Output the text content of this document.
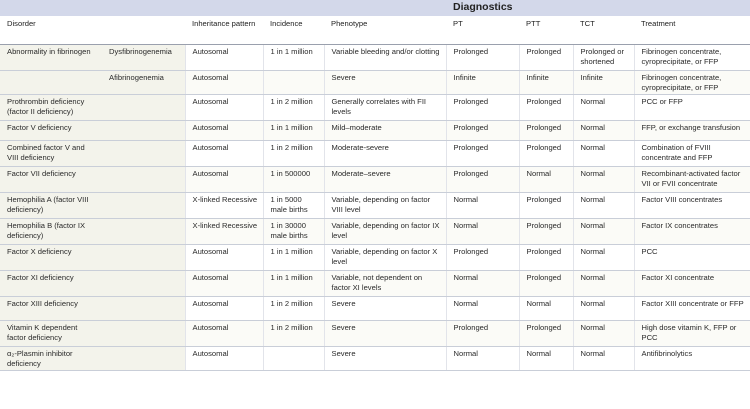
					Diagnostics			
Disorder		Inheritance pattern	Incidence	Phenotype	PT	PTT	TCT	Treatment
Abnormality in fibrinogen	Dysfibrinogenemia	Autosomal	1 in 1 million	Variable bleeding and/or clotting	Prolonged	Prolonged	Prolonged or shortened	Fibrinogen concentrate, cyroprecipitate, or FFP
	Afibrinogenemia	Autosomal		Severe	Infinite	Infinite	Infinite	Fibrinogen concentrate, cyroprecipitate, or FFP
Prothrombin deficiency (factor II deficiency)		Autosomal	1 in 2 million	Generally correlates with FII levels	Prolonged	Prolonged	Normal	PCC or FFP
Factor V deficiency		Autosomal	1 in 1 million	Mild–moderate	Prolonged	Prolonged	Normal	FFP, or exchange transfusion
Combined factor V and VIII deficiency		Autosomal	1 in 2 million	Moderate-severe	Prolonged	Prolonged	Normal	Combination of FVIII concentrate and FFP
Factor VII deficiency		Autosomal	1 in 500000	Moderate–severe	Prolonged	Normal	Normal	Recombinant-activated factor VII or FVII concentrate
Hemophilia A (factor VIII deficiency)		X-linked Recessive	1 in 5000 male births	Variable, depending on factor VIII level	Normal	Prolonged	Normal	Factor VIII concentrates
Hemophilia B (factor IX deficiency)		X-linked Recessive	1 in 30000 male births	Variable, depending on factor IX level	Normal	Prolonged	Normal	Factor IX concentrates
Factor X deficiency		Autosomal	1 in 1 million	Variable, depending on factor X level	Prolonged	Prolonged	Normal	PCC
Factor XI deficiency		Autosomal	1 in 1 million	Variable, not dependent on factor XI levels	Normal	Prolonged	Normal	Factor XI concentrate
Factor XIII deficiency		Autosomal	1 in 2 million	Severe	Normal	Normal	Normal	Factor XIII concentrate or FFP
Vitamin K dependent factor deficiency		Autosomal	1 in 2 million	Severe	Prolonged	Prolonged	Normal	High dose vitamin K, FFP or PCC
α₂-Plasmin inhibitor deficiency		Autosomal		Severe	Normal	Normal	Normal	Antifibrinolytics
